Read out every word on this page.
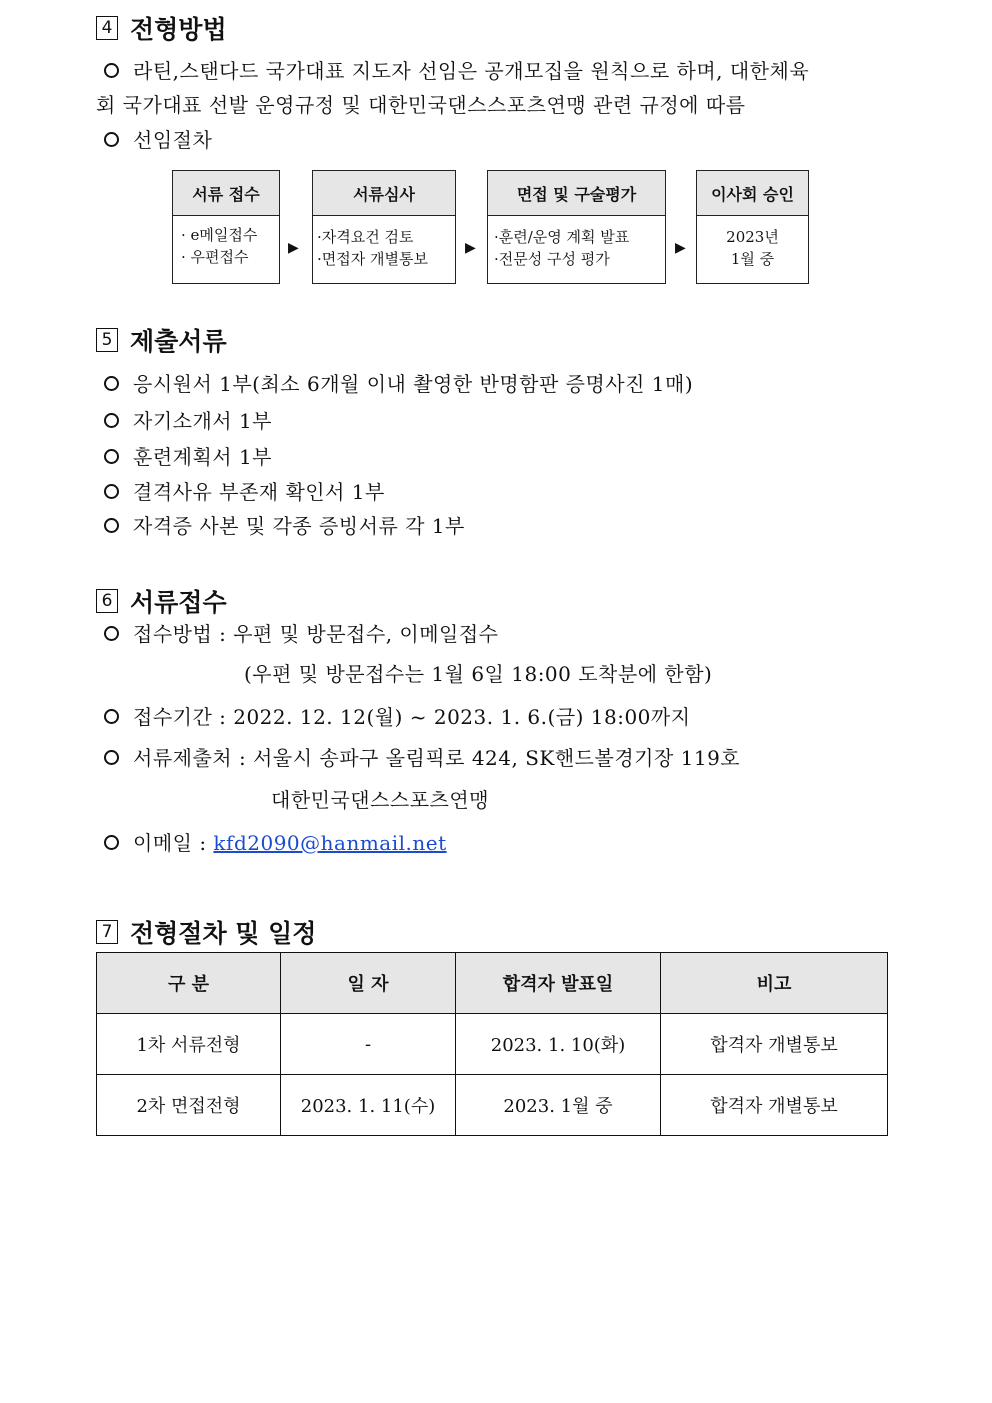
4 전형방법
라틴,스탠다드 국가대표 지도자 선임은 공개모집을 원칙으로 하며, 대한체육
회 국가대표 선발 운영규정 및 대한민국댄스스포츠연맹 관련 규정에 따름
선임절차
서류 접수
· e메일접수
· 우편접수	▶
서류심사
·자격요건 검토
·면접자 개별통보
▶
면접 및 구술평가
·훈련/운영 계획 발표
·전문성 구성 평가
▶
이사회 승인
2023년
1월 중
5 제출서류
응시원서 1부(최소 6개월 이내 촬영한 반명함판 증명사진 1매)
자기소개서 1부
훈련계획서 1부
결격사유 부존재 확인서 1부
자격증 사본 및 각종 증빙서류 각 1부
6 서류접수
접수방법 : 우편 및 방문접수, 이메일접수
(우편 및 방문접수는 1월 6일 18:00 도착분에 한함)
접수기간 : 2022. 12. 12(월) ~ 2023. 1. 6.(금) 18:00까지
서류제출처 : 서울시 송파구 올림픽로 424, SK핸드볼경기장 119호
대한민국댄스스포츠연맹
이메일 : kfd2090@hanmail.net
7 전형절차 및 일정
구 분	일 자	합격자 발표일	비고
1차 서류전형	-	2023. 1. 10(화)	합격자 개별통보
2차 면접전형	2023. 1. 11(수)	2023. 1월 중	합격자 개별통보
